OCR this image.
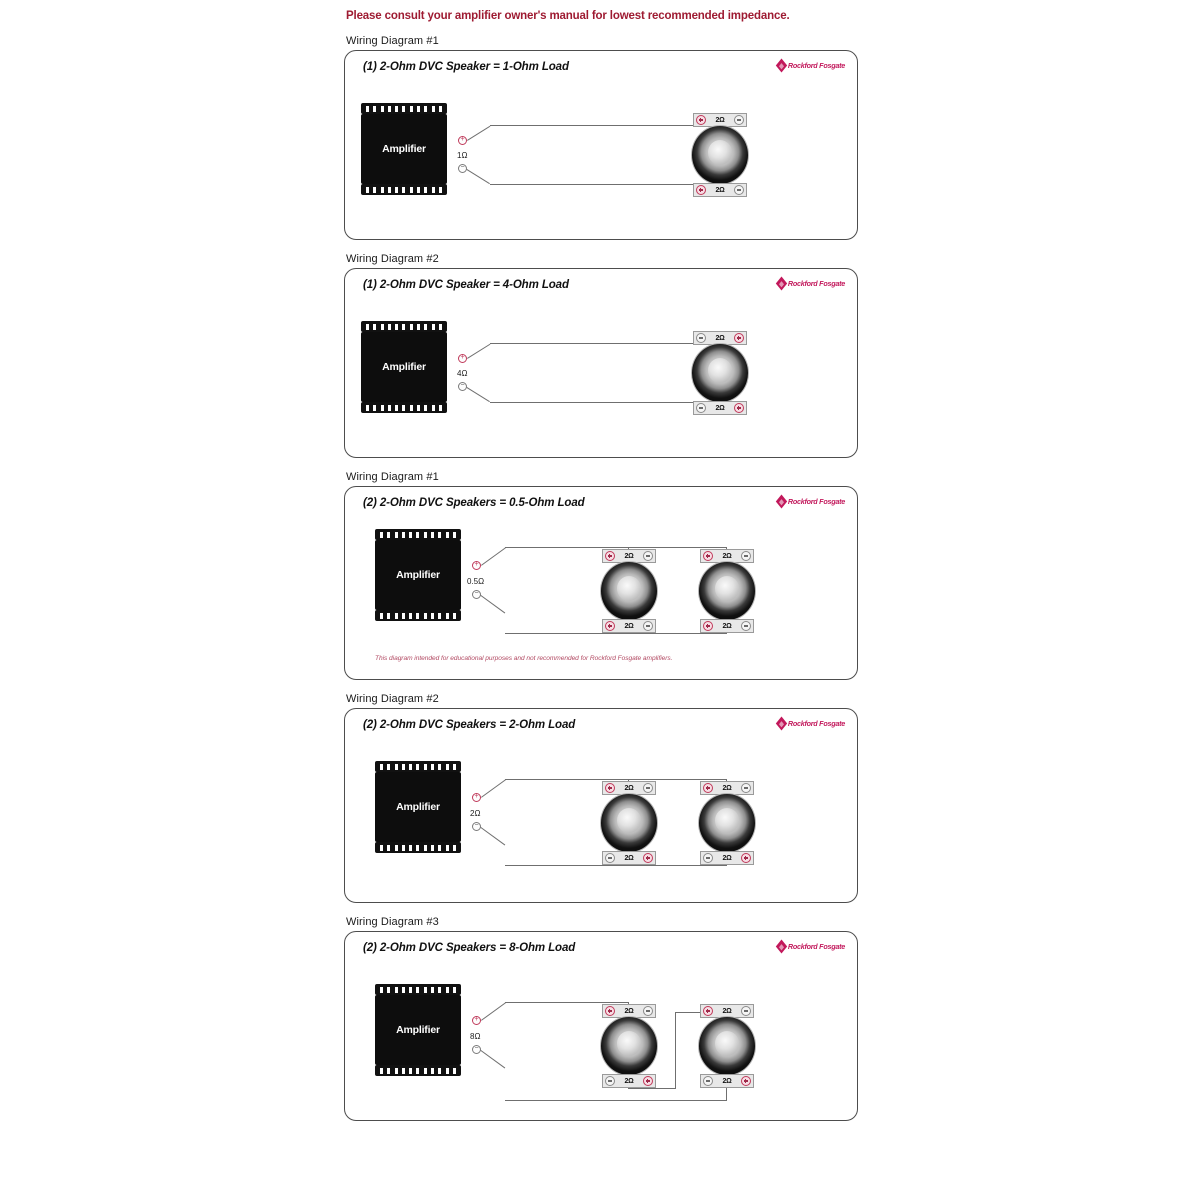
Please consult your amplifier owner's manual for lowest recommended impedance.
Wiring Diagram #1
(1) 2-Ohm DVC Speaker = 1-Ohm Load	Rockford Fosgate
Amplifier
+
1Ω
−
2Ω
2Ω
Wiring Diagram #2
(1) 2-Ohm DVC Speaker = 4-Ohm Load	Rockford Fosgate
Amplifier
+
4Ω
−
2Ω
2Ω
Wiring Diagram #1
(2) 2-Ohm DVC Speakers = 0.5-Ohm Load	Rockford Fosgate
Amplifier
+
0.5Ω
−
2Ω
2Ω
2Ω
2Ω
This diagram intended for educational purposes and not recommended for Rockford Fosgate amplifiers.
Wiring Diagram #2
(2) 2-Ohm DVC Speakers = 2-Ohm Load	Rockford Fosgate
Amplifier
+
2Ω
−
2Ω
2Ω
2Ω
2Ω
Wiring Diagram #3
(2) 2-Ohm DVC Speakers = 8-Ohm Load	Rockford Fosgate
Amplifier
+
8Ω
−
2Ω
2Ω
2Ω
2Ω
